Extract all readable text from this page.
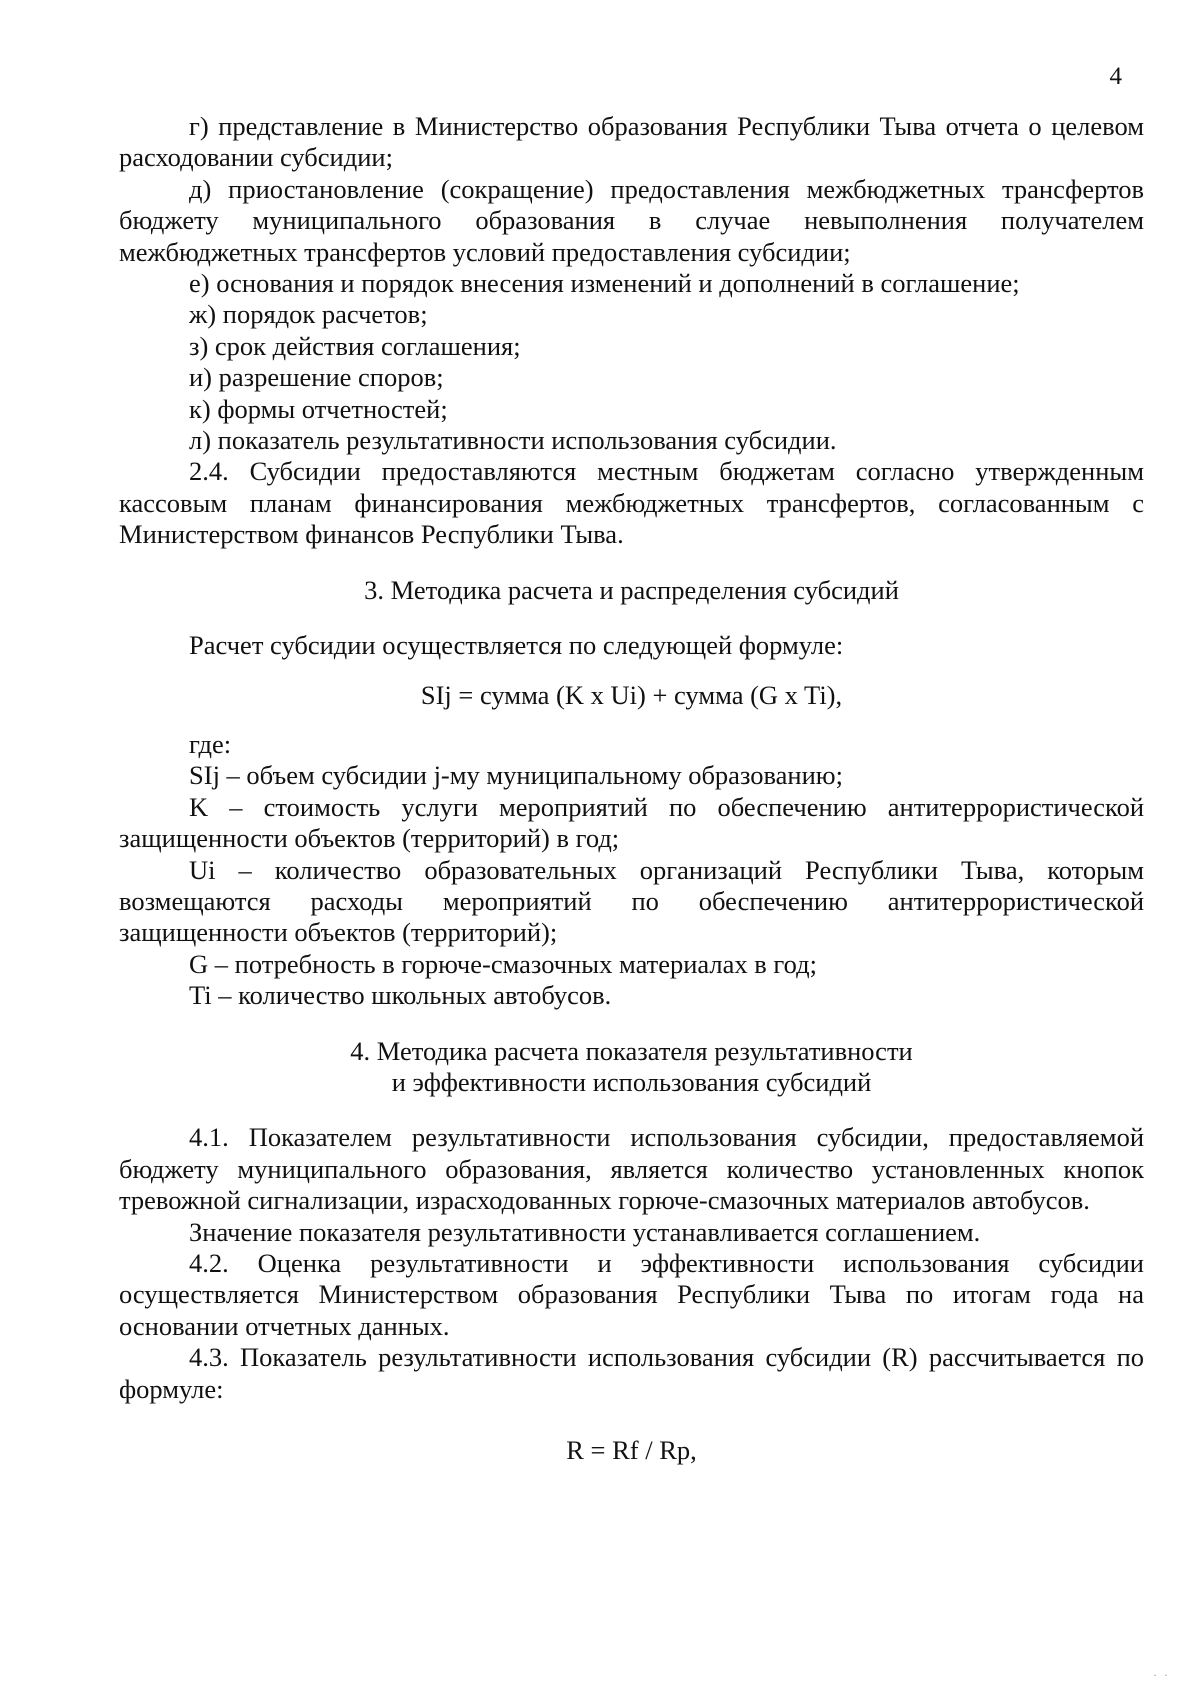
4

г) представление в Министерство образования Республики Тыва отчета о целевом расходовании субсидии;

д) приостановление (сокращение) предоставления межбюджетных трансфертов бюджету муниципального образования в случае невыполнения получателем межбюджетных трансфертов условий предоставления субсидии;

е) основания и порядок внесения изменений и дополнений в соглашение;

ж) порядок расчетов;

з) срок действия соглашения;

и) разрешение споров;

к) формы отчетностей;

л) показатель результативности использования субсидии.

2.4. Субсидии предоставляются местным бюджетам согласно утвержденным кассовым планам финансирования межбюджетных трансфертов, согласованным с Министерством финансов Республики Тыва.

3. Методика расчета и распределения субсидий

Расчет субсидии осуществляется по следующей формуле:

SIj = сумма (K x Ui) + сумма (G x Ti),

где:

SIj – объем субсидии j-му муниципальному образованию;

K – стоимость услуги мероприятий по обеспечению антитеррористической защищенности объектов (территорий) в год;

Ui – количество образовательных организаций Республики Тыва, которым возмещаются расходы мероприятий по обеспечению антитеррористической защищенности объектов (территорий);

G – потребность в горюче-смазочных материалах в год;

Ti – количество школьных автобусов.

4. Методика расчета показателя результативности
и эффективности использования субсидий

4.1. Показателем результативности использования субсидии, предоставляемой бюджету муниципального образования, является количество установленных кнопок тревожной сигнализации, израсходованных горюче-смазочных материалов автобусов.

Значение показателя результативности устанавливается соглашением.

4.2. Оценка результативности и эффективности использования субсидии осуществляется Министерством образования Республики Тыва по итогам года на основании отчетных данных.

4.3. Показатель результативности использования субсидии (R) рассчитывается по формуле:

R = Rf / Rp,

· ·
